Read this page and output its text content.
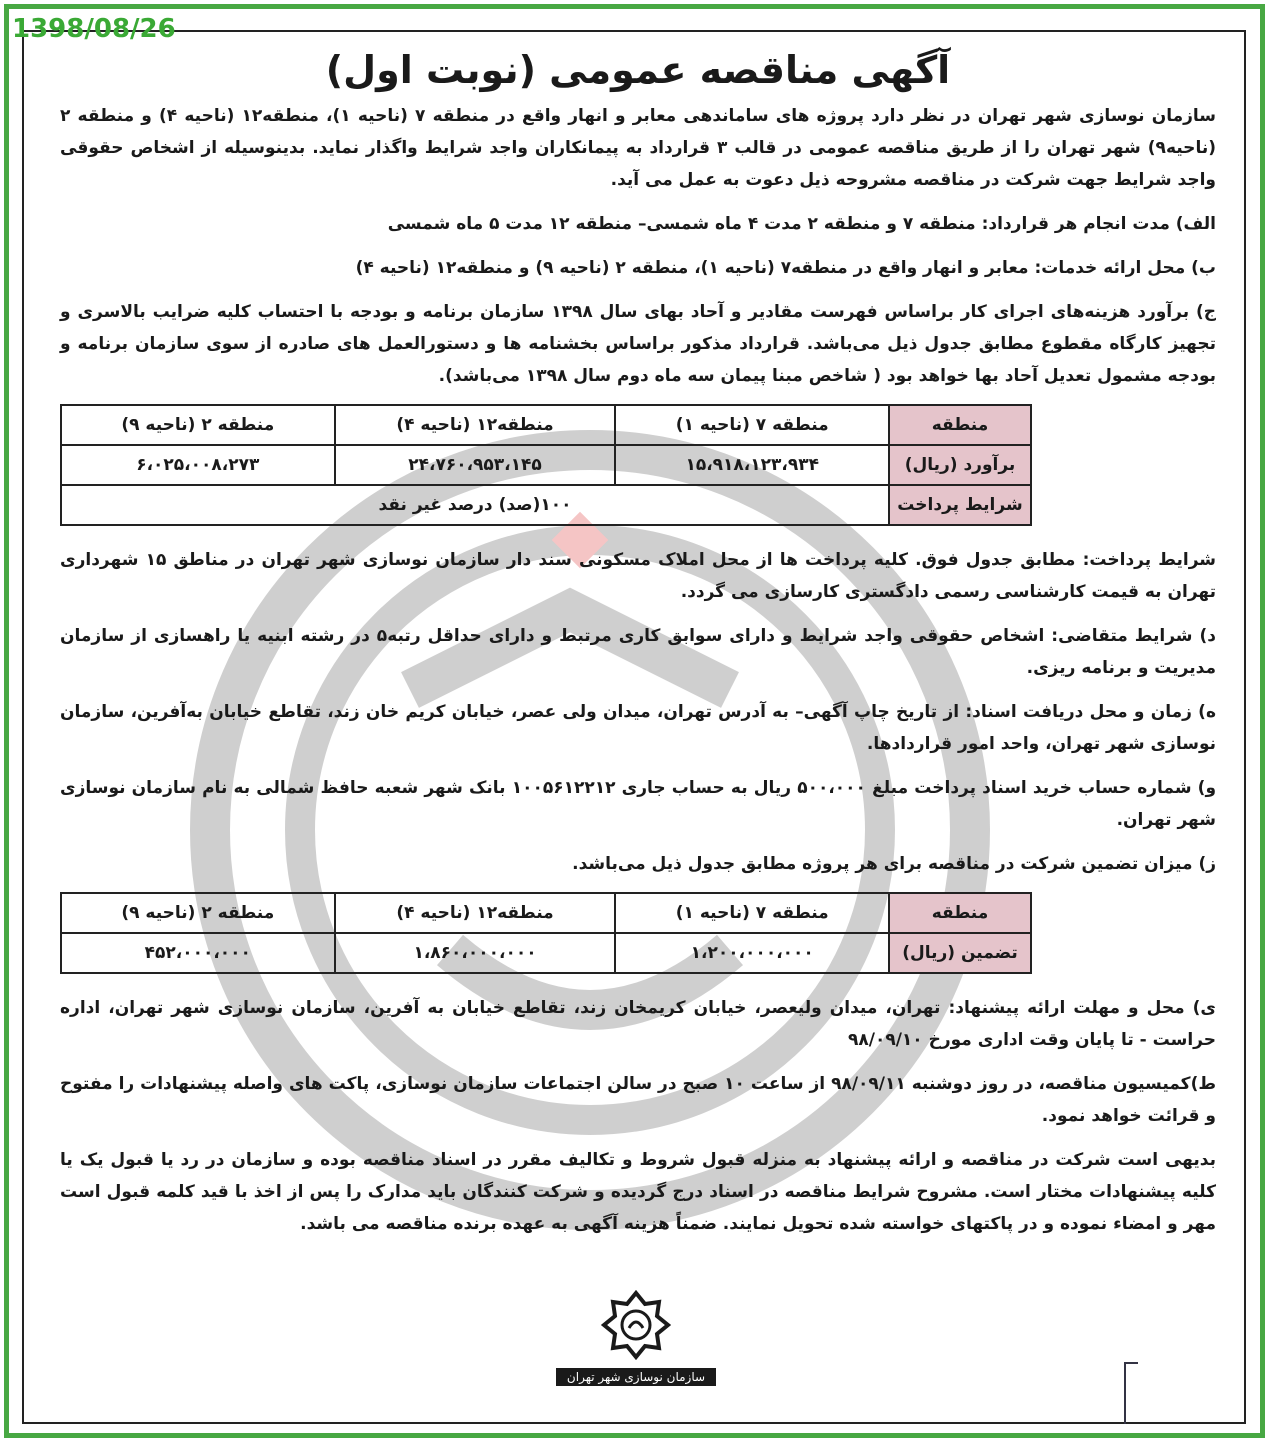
1398/08/26
آگهی مناقصه عمومی (نوبت اول)

سازمان نوسازی شهر تهران در نظر دارد پروژه های ساماندهی معابر و انهار واقع در منطقه ۷ (ناحیه ۱)، منطقه۱۲ (ناحیه ۴) و منطقه ۲ (ناحیه۹) شهر تهران را از طریق مناقصه عمومی در قالب ۳ قرارداد به پیمانکاران واجد شرایط واگذار نماید. بدینوسیله از اشخاص حقوقی واجد شرایط جهت شرکت در مناقصه مشروحه ذیل دعوت به عمل می آید.

الف) مدت انجام هر قرارداد: منطقه ۷ و منطقه ۲ مدت ۴ ماه شمسی– منطقه ۱۲ مدت ۵ ماه شمسی

ب) محل ارائه خدمات: معابر و انهار واقع در منطقه۷ (ناحیه ۱)، منطقه ۲ (ناحیه ۹) و منطقه۱۲ (ناحیه ۴)

ج) برآورد هزینه‌های اجرای کار براساس فهرست مقادیر و آحاد بهای سال ۱۳۹۸ سازمان برنامه و بودجه با احتساب کلیه ضرایب بالاسری و تجهیز کارگاه مقطوع مطابق جدول ذیل می‌باشد. قرارداد مذکور براساس بخشنامه ها و دستورالعمل های صادره از سوی سازمان برنامه و بودجه مشمول تعدیل آحاد بها خواهد بود ( شاخص مبنا پیمان سه ماه دوم سال ۱۳۹۸ می‌باشد).

منطقه	منطقه ۷ (ناحیه ۱)	منطقه۱۲ (ناحیه ۴)	منطقه ۲ (ناحیه ۹)
برآورد (ریال)	۱۵،۹۱۸،۱۲۳،۹۳۴	۲۴،۷۶۰،۹۵۳،۱۴۵	۶،۰۲۵،۰۰۸،۲۷۳
شرایط پرداخت	۱۰۰(صد) درصد غیر نقد		

شرایط پرداخت: مطابق جدول فوق. کلیه پرداخت ها از محل املاک مسکونی سند دار سازمان نوسازی شهر تهران در مناطق ۱۵ شهرداری تهران به قیمت کارشناسی رسمی دادگستری کارسازی می گردد.

د) شرایط متقاضی: اشخاص حقوقی واجد شرایط و دارای سوابق کاری مرتبط و دارای حداقل رتبه۵ در رشته ابنیه یا راهسازی از سازمان مدیریت و برنامه ریزی.

ه) زمان و محل دریافت اسناد: از تاریخ چاپ آگهی– به آدرس تهران، میدان ولی عصر، خیابان کریم خان زند، تقاطع خیابان به‌آفرین، سازمان نوسازی شهر تهران، واحد امور قراردادها.

و) شماره حساب خرید اسناد پرداخت مبلغ ۵۰۰،۰۰۰ ریال به حساب جاری ۱۰۰۵۶۱۲۲۱۲ بانک شهر شعبه حافظ شمالی به نام سازمان نوسازی شهر تهران.

ز) میزان تضمین شرکت در مناقصه برای هر پروژه مطابق جدول ذیل می‌باشد.

منطقه	منطقه ۷ (ناحیه ۱)	منطقه۱۲ (ناحیه ۴)	منطقه ۲ (ناحیه ۹)
تضمین (ریال)	۱،۲۰۰،۰۰۰،۰۰۰	۱،۸۶۰،۰۰۰،۰۰۰	۴۵۲،۰۰۰،۰۰۰

ی) محل و مهلت ارائه پیشنهاد: تهران، میدان ولیعصر، خیابان کریمخان زند، تقاطع خیابان به آفرین، سازمان نوسازی شهر تهران، اداره حراست - تا پایان وقت اداری مورخ ۹۸/۰۹/۱۰

ط)کمیسیون مناقصه، در روز دوشنبه ۹۸/۰۹/۱۱ از ساعت ۱۰ صبح در سالن اجتماعات سازمان نوسازی، پاکت های واصله پیشنهادات را مفتوح و قرائت خواهد نمود.

بدیهی است شرکت در مناقصه و ارائه پیشنهاد به منزله قبول شروط و تکالیف مقرر در اسناد مناقصه بوده و سازمان در رد یا قبول یک یا کلیه پیشنهادات مختار است. مشروح شرایط مناقصه در اسناد درج گردیده و شرکت کنندگان باید مدارک را پس از اخذ با قید کلمه قبول است مهر و امضاء نموده و در پاکتهای خواسته شده تحویل نمایند. ضمناً هزینه آگهی به عهده برنده مناقصه می باشد.

سازمان نوسازی شهر تهران
